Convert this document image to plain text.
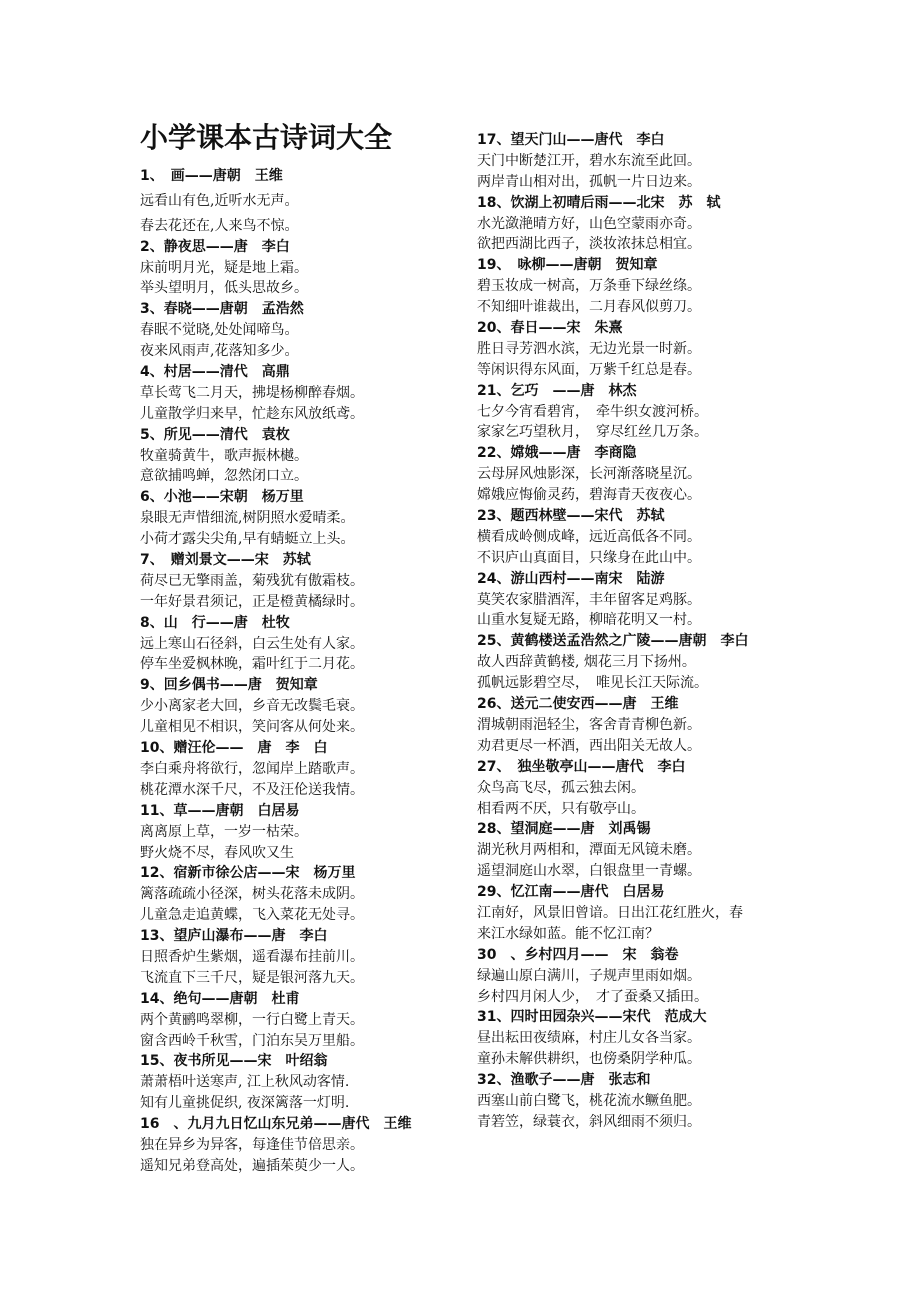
小学课本古诗词大全
1、　画——唐朝　王维
远看山有色,近听水无声。
春去花还在,人来鸟不惊。
2、静夜思——唐　李白
床前明月光，疑是地上霜。
举头望明月，低头思故乡。
3、春晓——唐朝　孟浩然
春眠不觉晓,处处闻啼鸟。
夜来风雨声,花落知多少。
4、村居——清代　高鼎
草长莺飞二月天，拂堤杨柳醉春烟。
儿童散学归来早，忙趁东风放纸鸢。
5、所见——清代　袁枚
牧童骑黄牛，歌声振林樾。
意欲捕鸣蝉，忽然闭口立。
6、小池——宋朝　杨万里
泉眼无声惜细流,树阴照水爱晴柔。
小荷才露尖尖角,早有蜻蜓立上头。
7、　赠刘景文——宋　苏轼
荷尽已无擎雨盖，菊残犹有傲霜枝。
一年好景君须记，正是橙黄橘绿时。
8、山　行——唐　杜牧
远上寒山石径斜，白云生处有人家。
停车坐爱枫林晚，霜叶红于二月花。
9、回乡偶书——唐　贺知章
少小离家老大回，乡音无改鬓毛衰。
儿童相见不相识，笑问客从何处来。
10、赠汪伦——　唐　李　白
李白乘舟将欲行，忽闻岸上踏歌声。
桃花潭水深千尺，不及汪伦送我情。
11、草——唐朝　白居易
离离原上草，一岁一枯荣。
野火烧不尽，春风吹又生
12、宿新市徐公店——宋　杨万里
篱落疏疏小径深，树头花落未成阴。
儿童急走追黄蝶，飞入菜花无处寻。
13、望庐山瀑布——唐　李白
日照香炉生紫烟，遥看瀑布挂前川。
飞流直下三千尺，疑是银河落九天。
14、绝句——唐朝　杜甫
两个黄鹂鸣翠柳，一行白鹭上青天。
窗含西岭千秋雪，门泊东吴万里船。
15、夜书所见——宋　叶绍翁
萧萧梧叶送寒声, 江上秋风动客情.
知有儿童挑促织, 夜深篱落一灯明.
16　、九月九日忆山东兄弟——唐代　王维
独在异乡为异客，每逢佳节倍思亲。
遥知兄弟登高处，遍插茱萸少一人。
17、望天门山——唐代　李白
天门中断楚江开，碧水东流至此回。
两岸青山相对出，孤帆一片日边来。
18、饮湖上初晴后雨——北宋　苏　轼
水光潋滟晴方好，山色空蒙雨亦奇。
欲把西湖比西子，淡妆浓抹总相宜。
19、　咏柳——唐朝　贺知章
碧玉妆成一树高，万条垂下绿丝绦。
不知细叶谁裁出，二月春风似剪刀。
20、春日——宋　朱熹
胜日寻芳泗水滨，无边光景一时新。
等闲识得东风面，万紫千红总是春。
21、乞巧　——唐　林杰
七夕今宵看碧宵，　牵牛织女渡河桥。
家家乞巧望秋月，　穿尽红丝几万条。
22、嫦娥——唐　李商隐
云母屏风烛影深，长河渐落晓星沉。
嫦娥应悔偷灵药，碧海青天夜夜心。
23、题西林壁——宋代　苏轼
横看成岭侧成峰，远近高低各不同。
不识庐山真面目，只缘身在此山中。
24、游山西村——南宋　陆游
莫笑农家腊酒浑，丰年留客足鸡豚。
山重水复疑无路，柳暗花明又一村。
25、黄鹤楼送孟浩然之广陵——唐朝　李白
故人西辞黄鹤楼, 烟花三月下扬州。
孤帆远影碧空尽，　唯见长江天际流。
26、送元二使安西——唐　王维
渭城朝雨浥轻尘，客舍青青柳色新。
劝君更尽一杯酒，西出阳关无故人。
27、　独坐敬亭山——唐代　李白
众鸟高飞尽，孤云独去闲。
相看两不厌，只有敬亭山。
28、望洞庭——唐　刘禹锡
湖光秋月两相和，潭面无风镜未磨。
遥望洞庭山水翠，白银盘里一青螺。
29、忆江南——唐代　白居易
江南好，风景旧曾谙。日出江花红胜火，春
来江水绿如蓝。能不忆江南？
30　、乡村四月——　宋　翁卷
绿遍山原白满川，子规声里雨如烟。
乡村四月闲人少，　才了蚕桑又插田。
31、四时田园杂兴——宋代　范成大
昼出耘田夜绩麻，村庄儿女各当家。
童孙未解供耕织，也傍桑阴学种瓜。
32、渔歌子——唐　张志和
西塞山前白鹭飞，桃花流水鳜鱼肥。
青箬笠，绿蓑衣，斜风细雨不须归。
